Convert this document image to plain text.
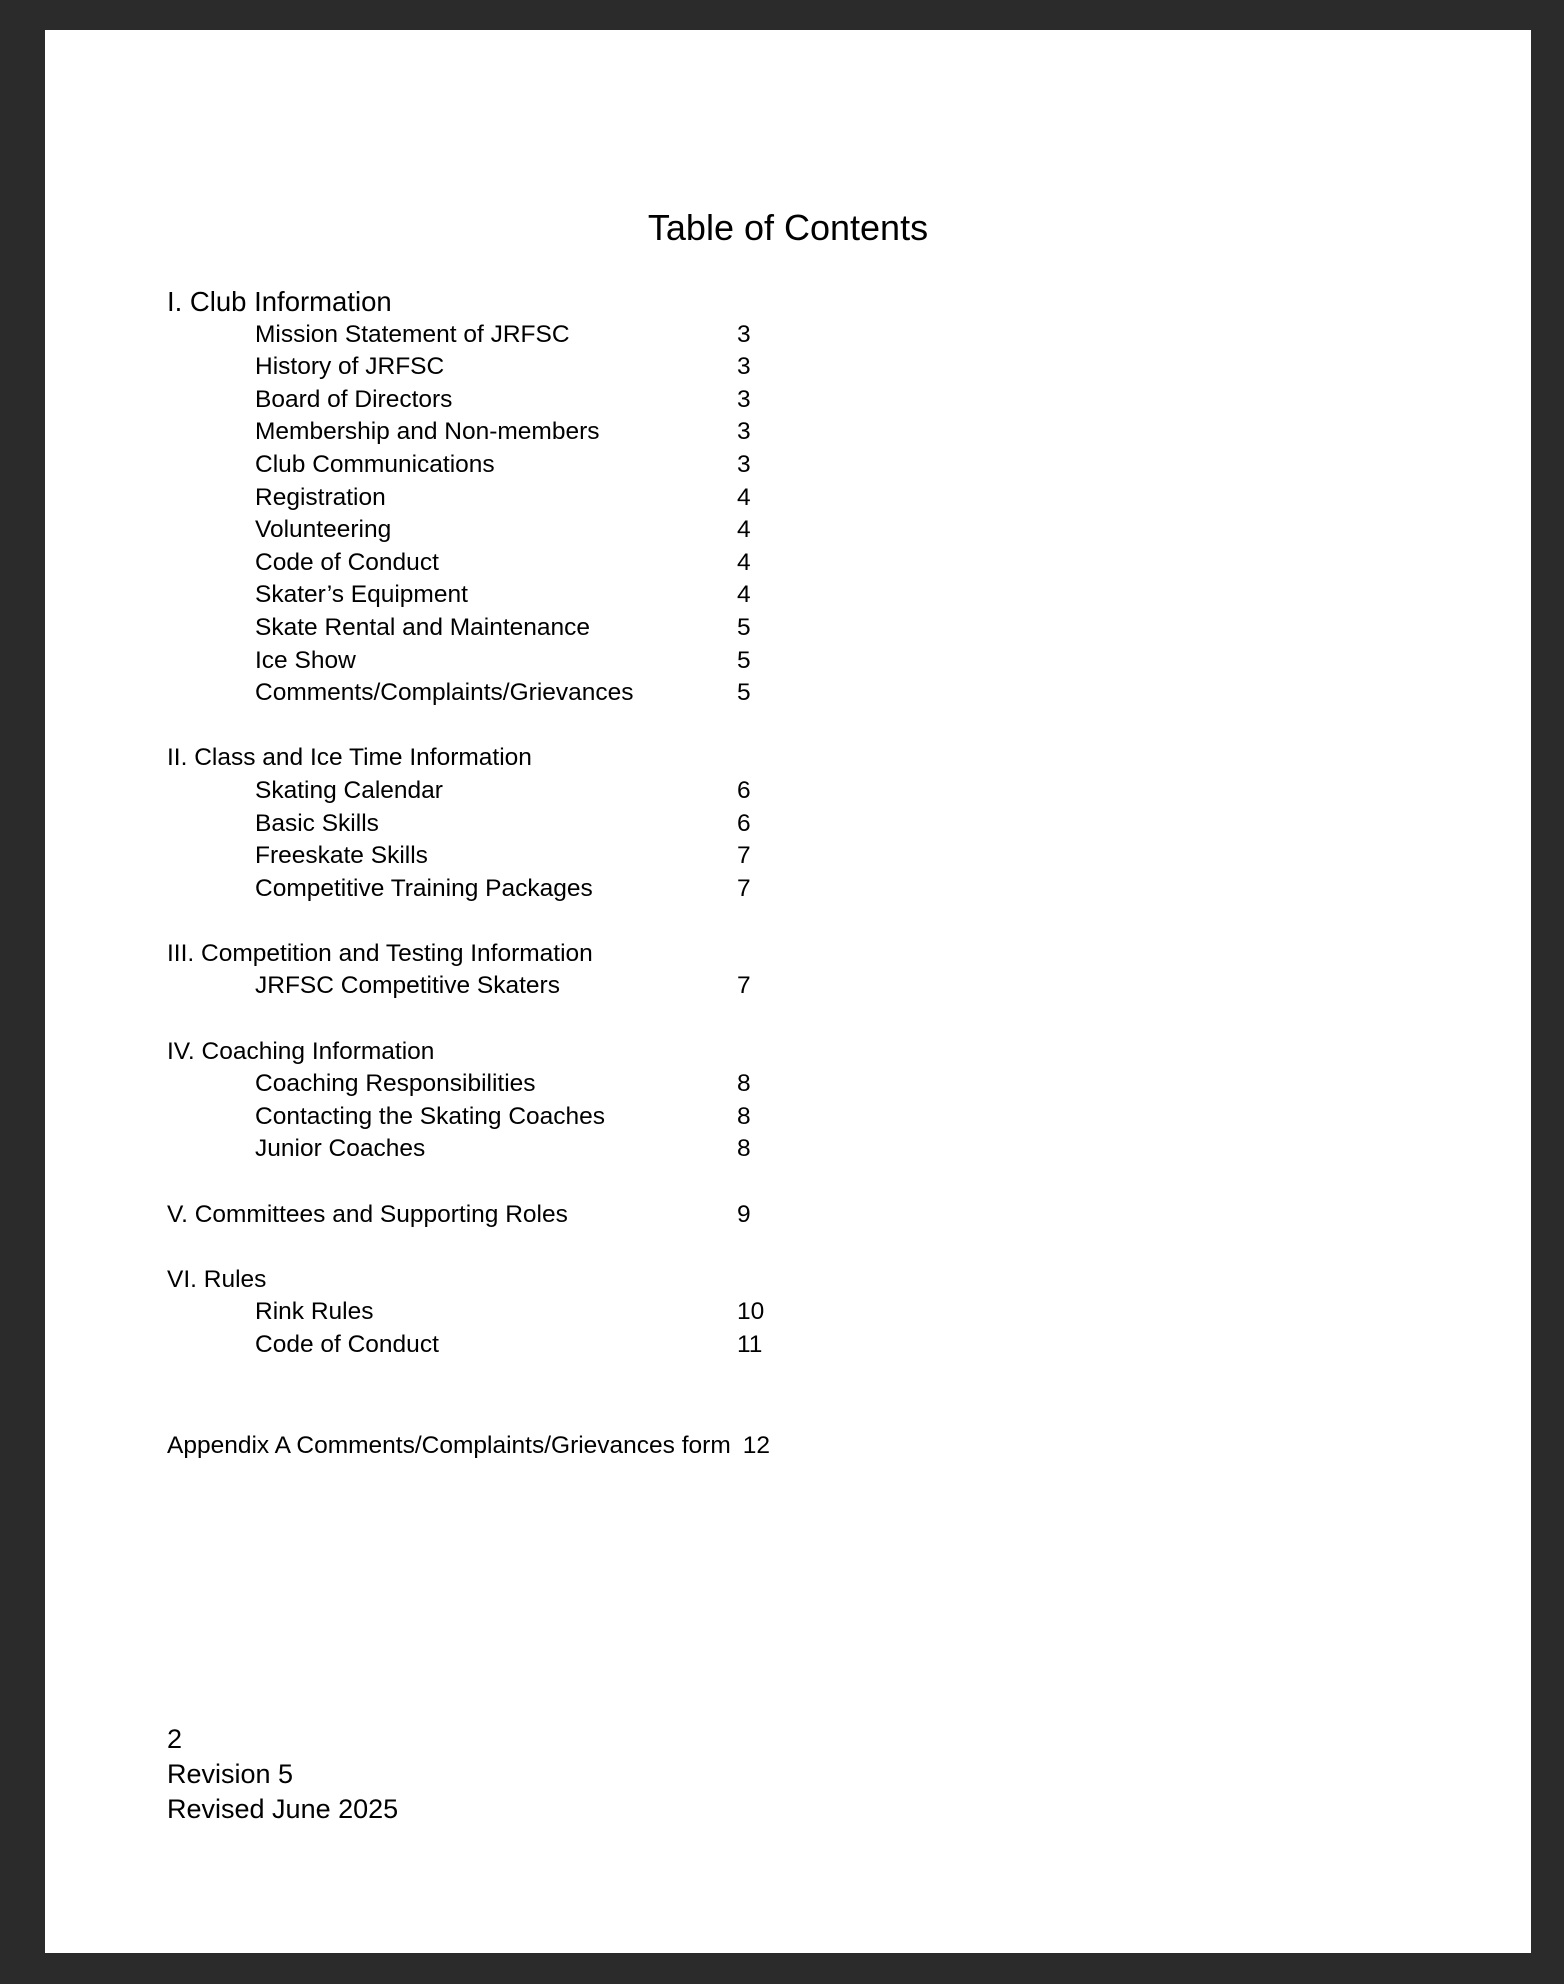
Table of Contents
I. Club Information
Mission Statement of JRFSC	3
History of JRFSC	3
Board of Directors	3
Membership and Non-members	3
Club Communications	3
Registration	4
Volunteering	4
Code of Conduct	4
Skater’s Equipment	4
Skate Rental and Maintenance	5
Ice Show	5
Comments/Complaints/Grievances	5
II. Class and Ice Time Information
Skating Calendar	6
Basic Skills	6
Freeskate Skills	7
Competitive Training Packages	7
III. Competition and Testing Information
JRFSC Competitive Skaters	7
IV. Coaching Information
Coaching Responsibilities	8
Contacting the Skating Coaches	8
Junior Coaches	8
V. Committees and Supporting Roles	9
VI. Rules
Rink Rules	10
Code of Conduct	11
Appendix A Comments/Complaints/Grievances form 12
2
Revision 5
Revised June 2025
